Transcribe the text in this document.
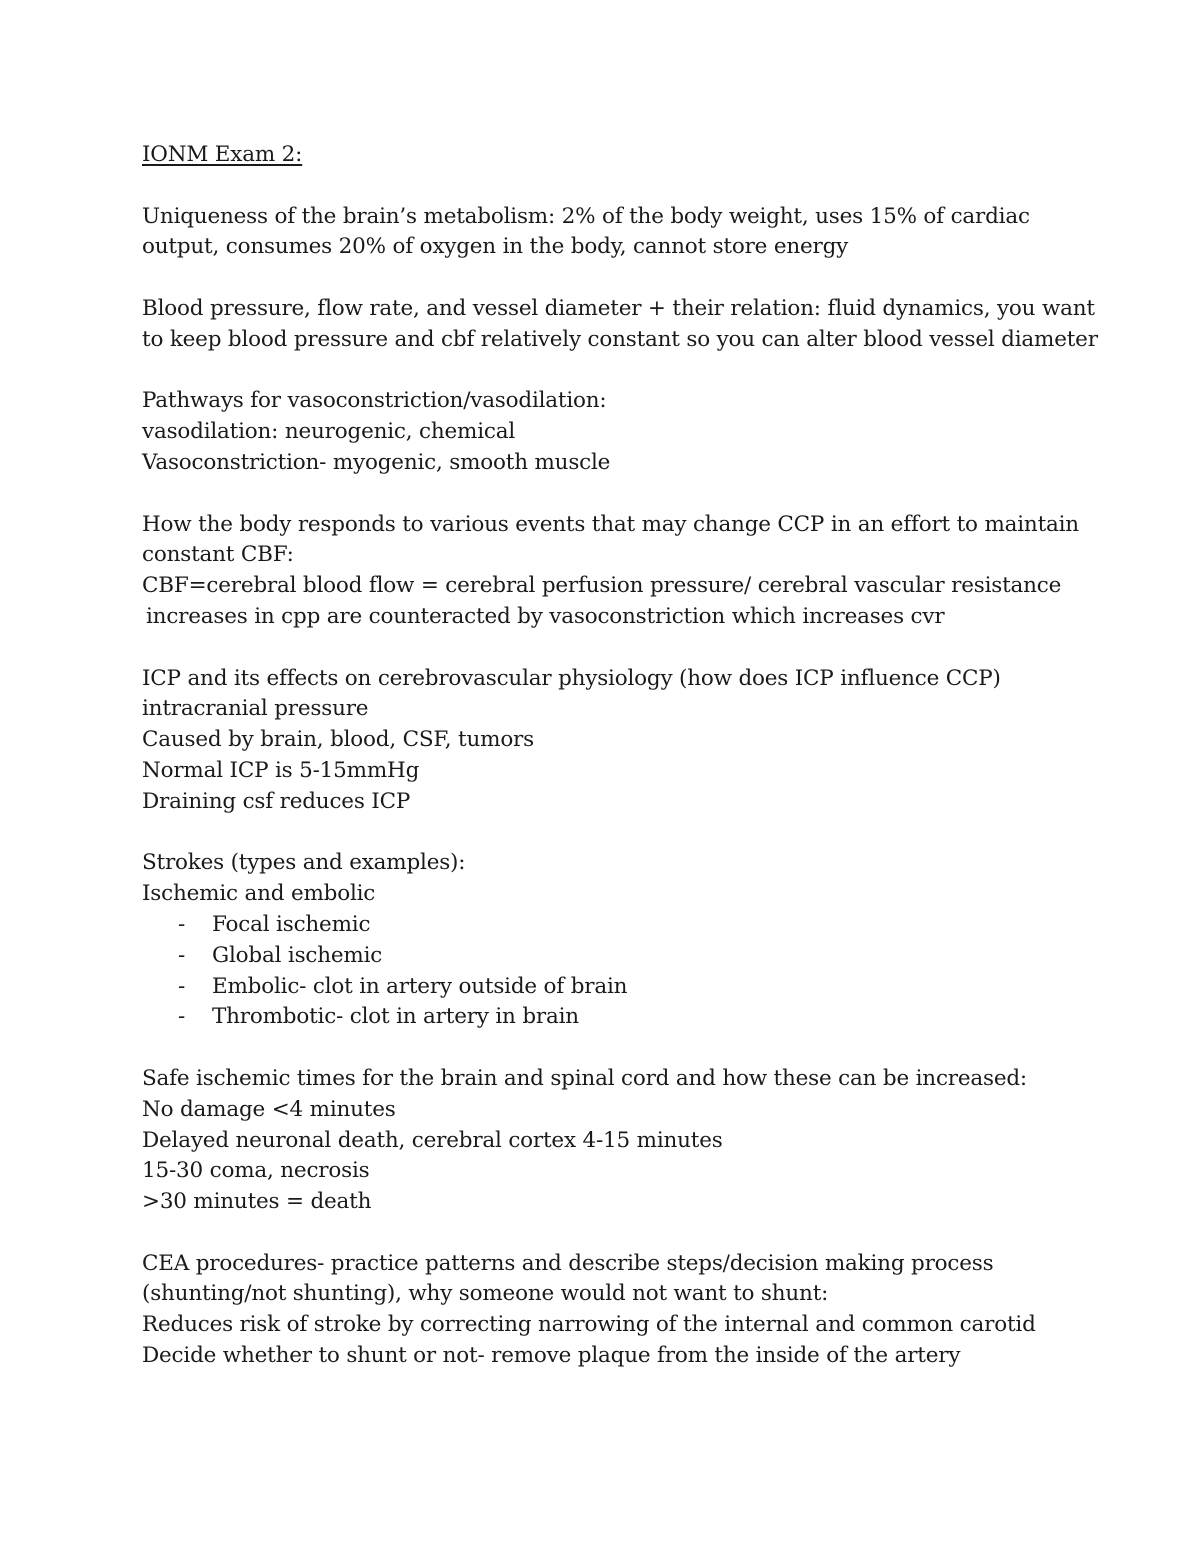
IONM Exam 2:
Uniqueness of the brain’s metabolism: 2% of the body weight, uses 15% of cardiac
output, consumes 20% of oxygen in the body, cannot store energy
Blood pressure, flow rate, and vessel diameter + their relation: fluid dynamics, you want
to keep blood pressure and cbf relatively constant so you can alter blood vessel diameter
Pathways for vasoconstriction/vasodilation:
vasodilation: neurogenic, chemical
Vasoconstriction- myogenic, smooth muscle
How the body responds to various events that may change CCP in an effort to maintain
constant CBF:
CBF=cerebral blood flow = cerebral perfusion pressure/ cerebral vascular resistance
increases in cpp are counteracted by vasoconstriction which increases cvr
ICP and its effects on cerebrovascular physiology (how does ICP influence CCP)
intracranial pressure
Caused by brain, blood, CSF, tumors
Normal ICP is 5-15mmHg
Draining csf reduces ICP
Strokes (types and examples):
Ischemic and embolic
- Focal ischemic
- Global ischemic
- Embolic- clot in artery outside of brain
- Thrombotic- clot in artery in brain
Safe ischemic times for the brain and spinal cord and how these can be increased:
No damage <4 minutes
Delayed neuronal death, cerebral cortex 4-15 minutes
15-30 coma, necrosis
>30 minutes = death
CEA procedures- practice patterns and describe steps/decision making process
(shunting/not shunting), why someone would not want to shunt:
Reduces risk of stroke by correcting narrowing of the internal and common carotid
Decide whether to shunt or not- remove plaque from the inside of the artery
